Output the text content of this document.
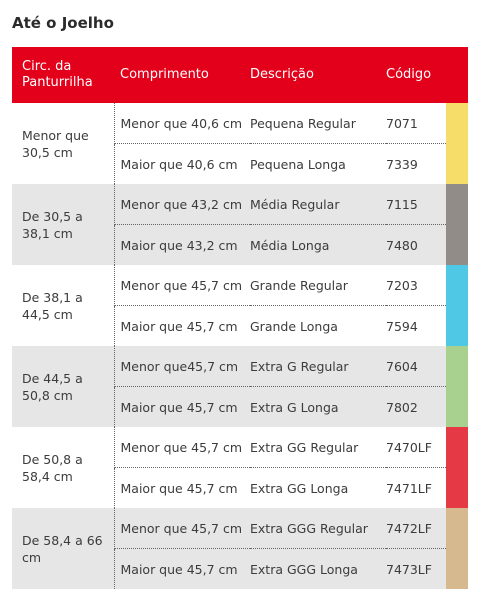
Até o Joelho
Circ. da Panturrilha	Comprimento	Descrição	Código	
Menor que 30,5 cm	Menor que 40,6 cm	Pequena Regular	7071	
	Maior que 40,6 cm	Pequena Longa	7339	
De 30,5 a 38,1 cm	Menor que 43,2 cm	Média Regular	7115	
	Maior que 43,2 cm	Média Longa	7480	
De 38,1 a 44,5 cm	Menor que 45,7 cm	Grande Regular	7203	
	Maior que 45,7 cm	Grande Longa	7594	
De 44,5 a 50,8 cm	Menor que45,7 cm	Extra G Regular	7604	
	Maior que 45,7 cm	Extra G Longa	7802	
De 50,8 a 58,4 cm	Menor que 45,7 cm	Extra GG Regular	7470LF	
	Maior que 45,7 cm	Extra GG Longa	7471LF	
De 58,4 a 66 cm	Menor que 45,7 cm	Extra GGG Regular	7472LF	
	Maior que 45,7 cm	Extra GGG Longa	7473LF	
